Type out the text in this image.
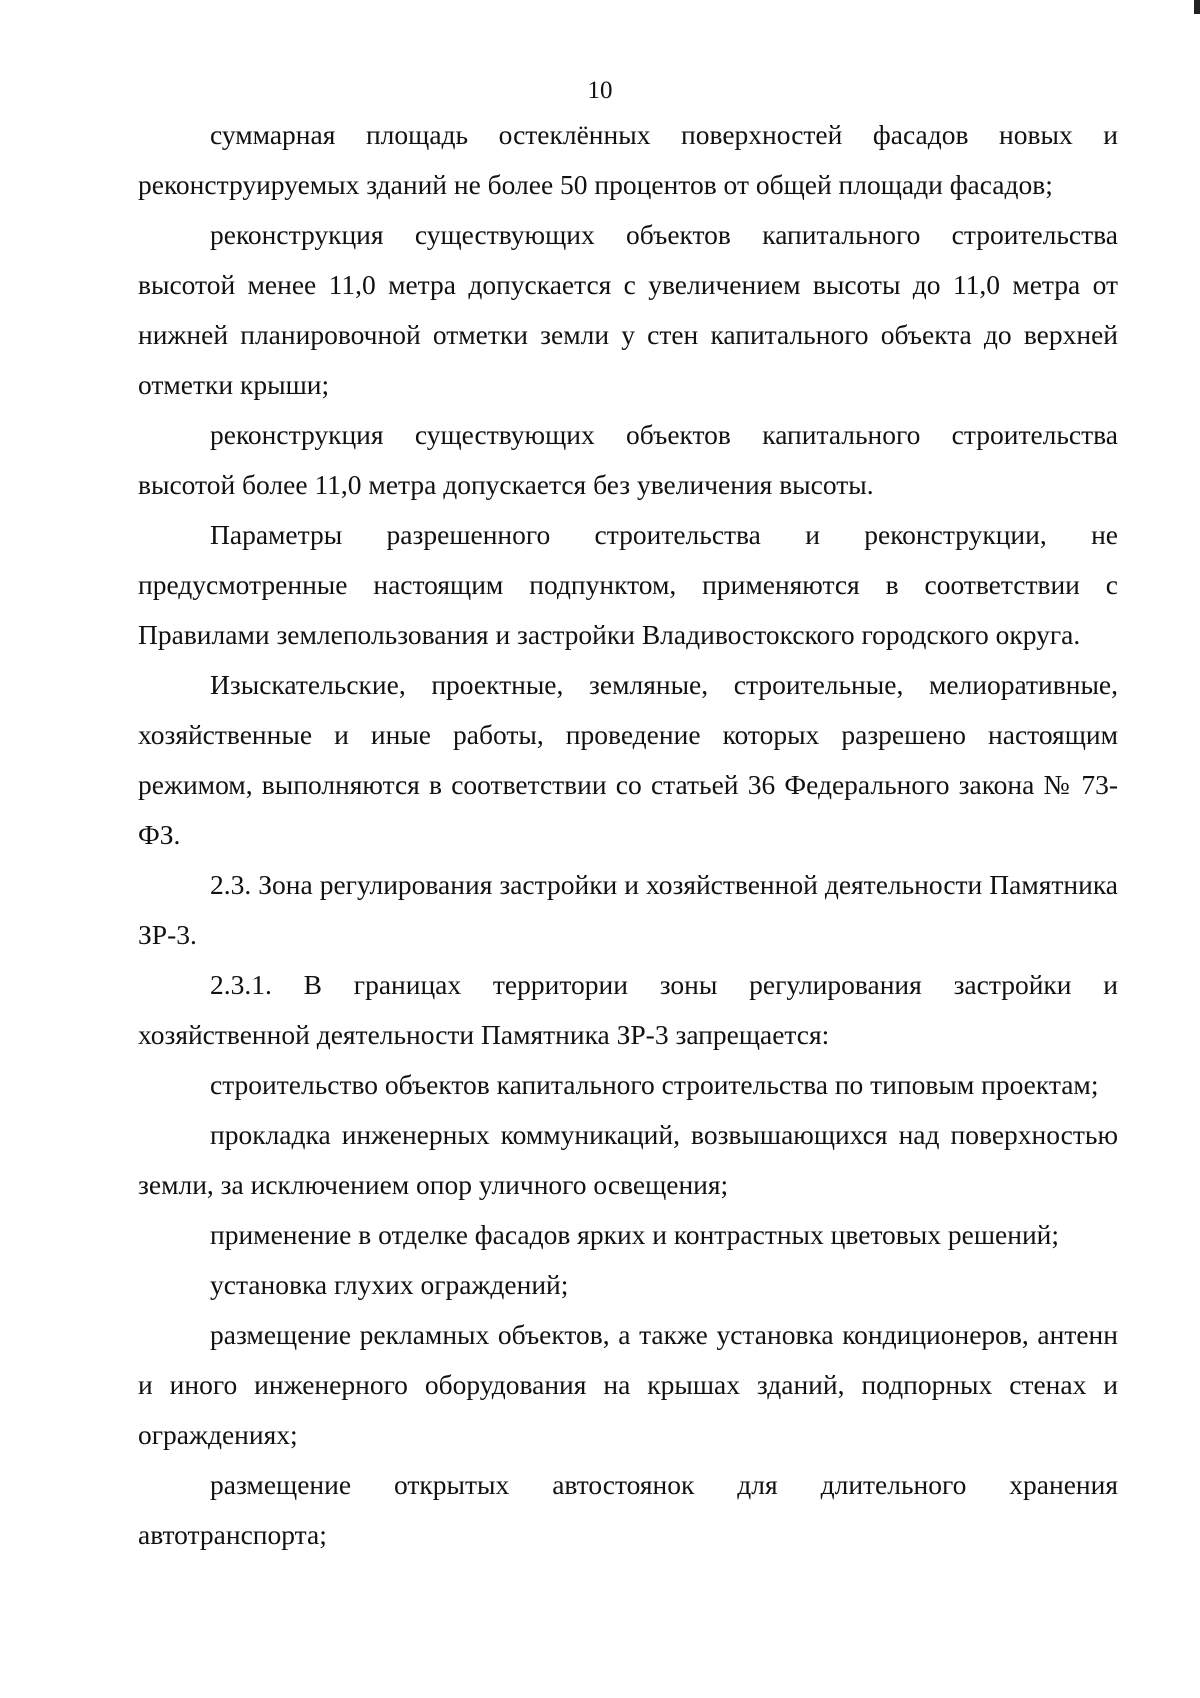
10

суммарная площадь остеклённых поверхностей фасадов новых и реконструируемых зданий не более 50 процентов от общей площади фасадов;

реконструкция существующих объектов капитального строительства высотой менее 11,0 метра допускается с увеличением высоты до 11,0 метра от нижней планировочной отметки земли у стен капитального объекта до верхней отметки крыши;

реконструкция существующих объектов капитального строительства высотой более 11,0 метра допускается без увеличения высоты.

Параметры разрешенного строительства и реконструкции, не предусмотренные настоящим подпунктом, применяются в соответствии с Правилами землепользования и застройки Владивостокского городского округа.

Изыскательские, проектные, земляные, строительные, мелиоративные, хозяйственные и иные работы, проведение которых разрешено настоящим режимом, выполняются в соответствии со статьей 36 Федерального закона № 73-ФЗ.

2.3. Зона регулирования застройки и хозяйственной деятельности Памятника ЗР-3.

2.3.1. В границах территории зоны регулирования застройки и хозяйственной деятельности Памятника ЗР-3 запрещается:

строительство объектов капитального строительства по типовым проектам;

прокладка инженерных коммуникаций, возвышающихся над поверхностью земли, за исключением опор уличного освещения;

применение в отделке фасадов ярких и контрастных цветовых решений;

установка глухих ограждений;

размещение рекламных объектов, а также установка кондиционеров, антенн и иного инженерного оборудования на крышах зданий, подпорных стенах и ограждениях;

размещение открытых автостоянок для длительного хранения автотранспорта;
